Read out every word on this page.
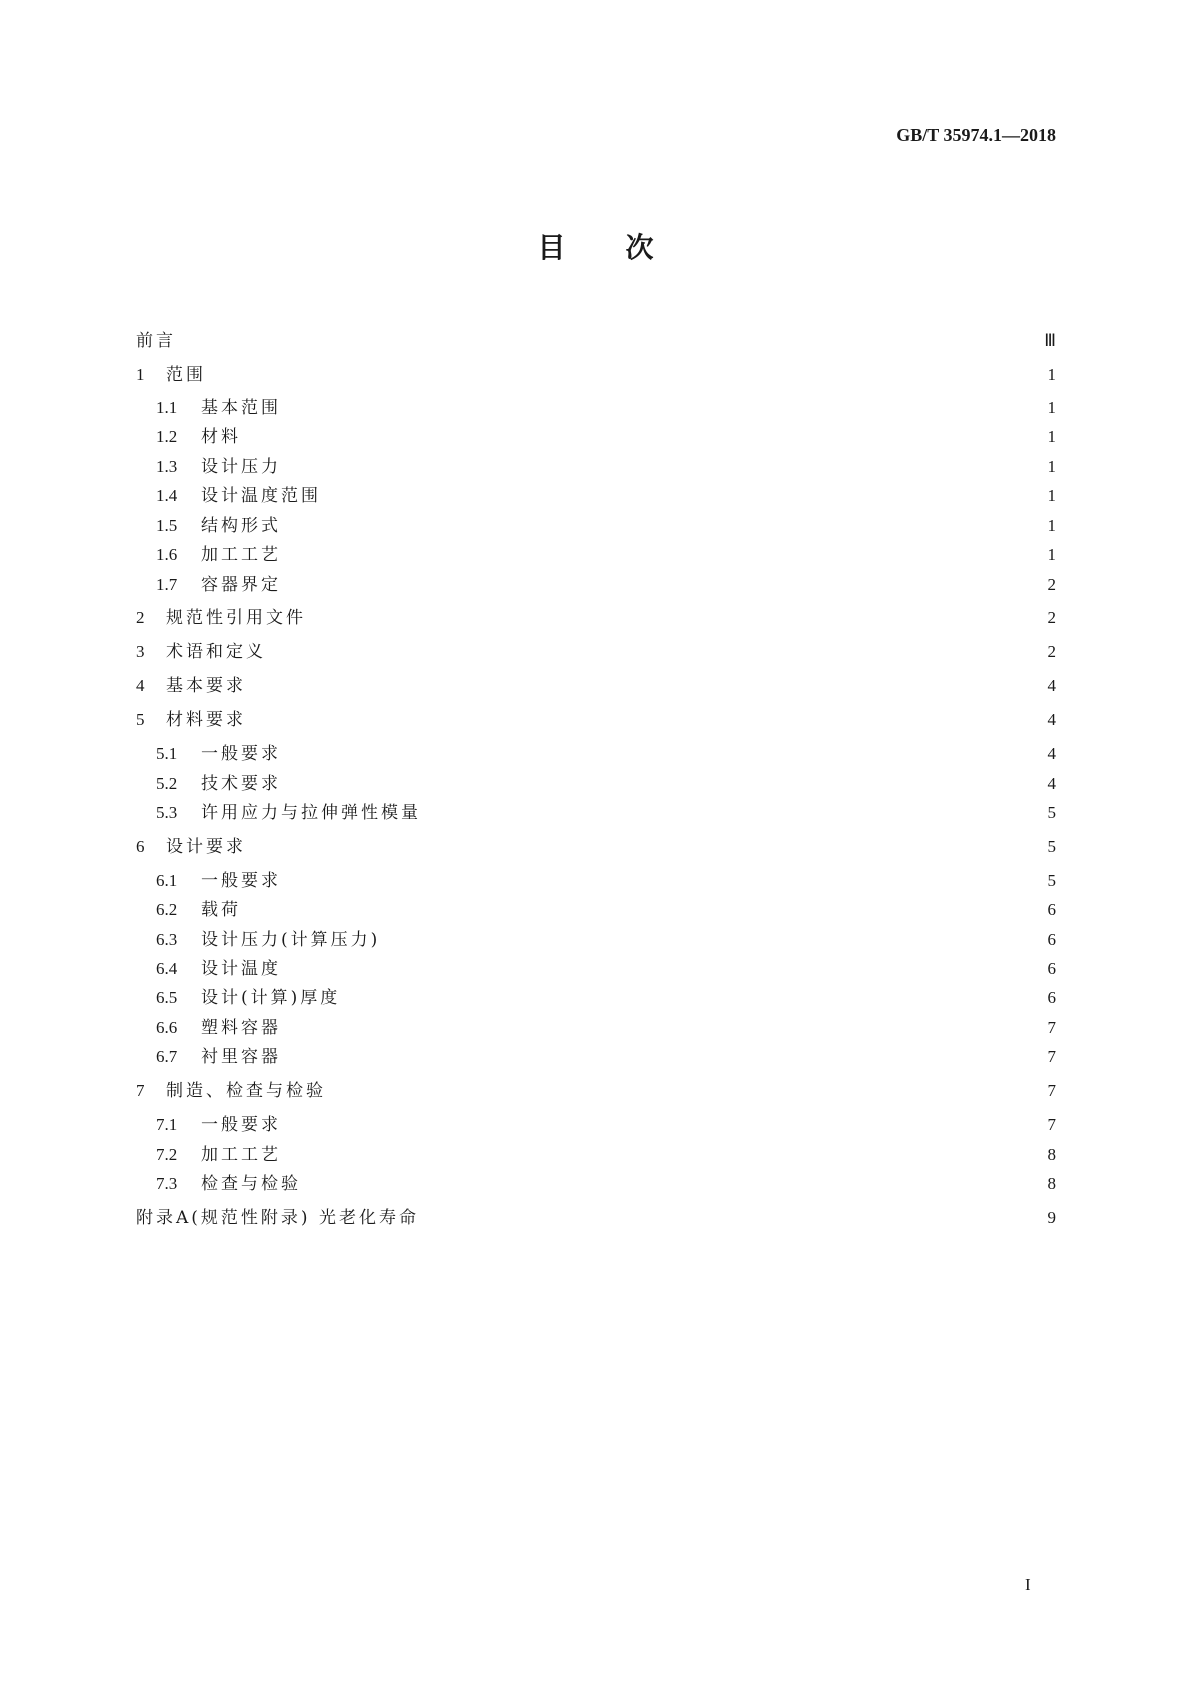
GB/T 35974.1—2018
目次
前言	Ⅲ
1	范围	1
1.1	基本范围	1
1.2	材料	1
1.3	设计压力	1
1.4	设计温度范围	1
1.5	结构形式	1
1.6	加工工艺	1
1.7	容器界定	2
2	规范性引用文件	2
3	术语和定义	2
4	基本要求	4
5	材料要求	4
5.1	一般要求	4
5.2	技术要求	4
5.3	许用应力与拉伸弹性模量	5
6	设计要求	5
6.1	一般要求	5
6.2	载荷	6
6.3	设计压力(计算压力)	6
6.4	设计温度	6
6.5	设计(计算)厚度	6
6.6	塑料容器	7
6.7	衬里容器	7
7	制造、检查与检验	7
7.1	一般要求	7
7.2	加工工艺	8
7.3	检查与检验	8
附录A(规范性附录) 光老化寿命	9
I
